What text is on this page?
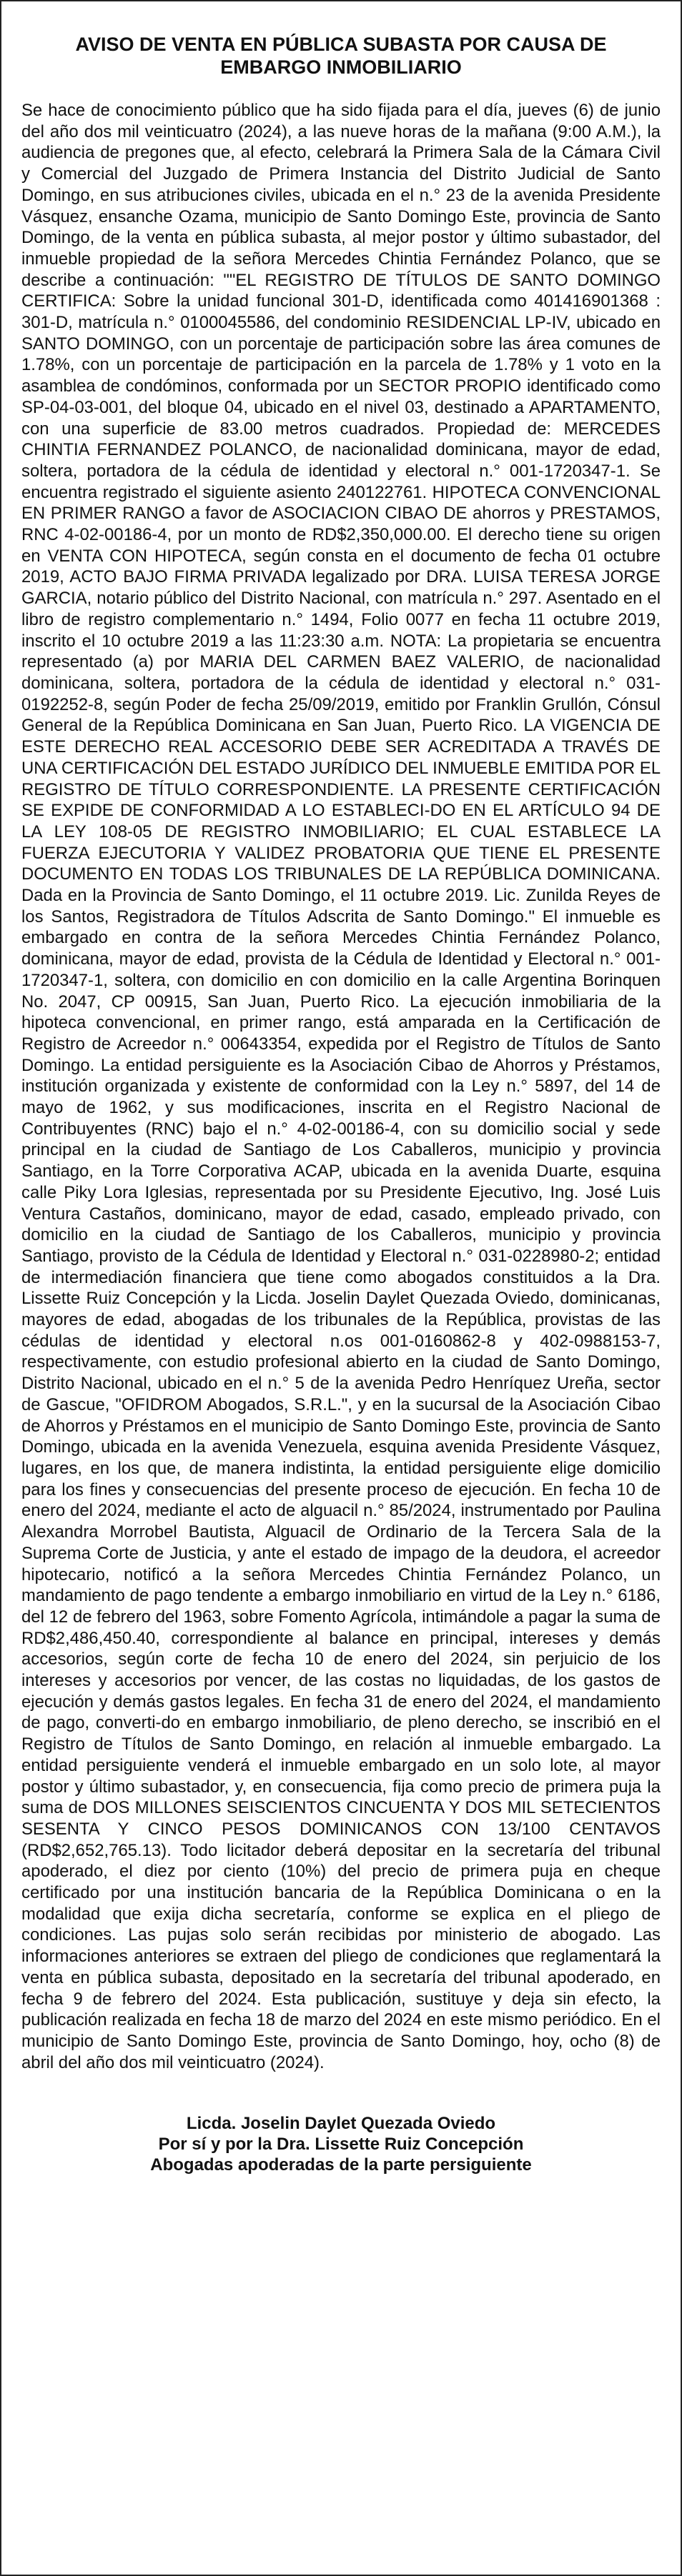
AVISO DE VENTA EN PÚBLICA SUBASTA POR CAUSA DE
EMBARGO INMOBILIARIO

Se hace de conocimiento público que ha sido fijada para el día, jueves (6) de junio del año dos mil veinticuatro (2024), a las nueve horas de la mañana (9:00 A.M.), la audiencia de pregones que, al efecto, celebrará la Primera Sala de la Cámara Civil y Comercial del Juzgado de Primera Instancia del Distrito Judicial de Santo Domingo, en sus atribuciones civiles, ubicada en el n.° 23 de la avenida Presidente Vásquez, ensanche Ozama, municipio de Santo Domingo Este, provincia de Santo Domingo, de la venta en pública subasta, al mejor postor y último subastador, del inmueble propiedad de la señora Mercedes Chintia Fernández Polanco, que se describe a continuación: ""EL REGISTRO DE TÍTULOS DE SANTO DOMINGO CERTIFICA: Sobre la unidad funcional 301-D, identificada como 401416901368 : 301-D, matrícula n.° 0100045586, del condominio RESIDENCIAL LP-IV, ubicado en SANTO DOMINGO, con un porcentaje de participación sobre las área comunes de 1.78%, con un porcentaje de participación en la parcela de 1.78% y 1 voto en la asamblea de condóminos, conformada por un SECTOR PROPIO identificado como SP-04-03-001, del bloque 04, ubicado en el nivel 03, destinado a APARTAMENTO, con una superficie de 83.00 metros cuadrados. Propiedad de: MERCEDES CHINTIA FERNANDEZ POLANCO, de nacionalidad dominicana, mayor de edad, soltera, portadora de la cédula de identidad y electoral n.° 001-1720347-1. Se encuentra registrado el siguiente asiento 240122761. HIPOTECA CONVENCIONAL EN PRIMER RANGO a favor de ASOCIACION CIBAO DE ahorros y PRESTAMOS, RNC 4-02-00186-4, por un monto de RD$2,350,000.00. El derecho tiene su origen en VENTA CON HIPOTECA, según consta en el documento de fecha 01 octubre 2019, ACTO BAJO FIRMA PRIVADA legalizado por DRA. LUISA TERESA JORGE GARCIA, notario público del Distrito Nacional, con matrícula n.° 297. Asentado en el libro de registro complementario n.° 1494, Folio 0077 en fecha 11 octubre 2019, inscrito el 10 octubre 2019 a las 11:23:30 a.m. NOTA: La propietaria se encuentra representado (a) por MARIA DEL CARMEN BAEZ VALERIO, de nacionalidad dominicana, soltera, portadora de la cédula de identidad y electoral n.° 031-0192252-8, según Poder de fecha 25/09/2019, emitido por Franklin Grullón, Cónsul General de la República Dominicana en San Juan, Puerto Rico. LA VIGENCIA DE ESTE DERECHO REAL ACCESORIO DEBE SER ACREDITADA A TRAVÉS DE UNA CERTIFICACIÓN DEL ESTADO JURÍDICO DEL INMUEBLE EMITIDA POR EL REGISTRO DE TÍTULO CORRESPONDIENTE. LA PRESENTE CERTIFICACIÓN SE EXPIDE DE CONFORMIDAD A LO ESTABLECI-DO EN EL ARTÍCULO 94 DE LA LEY 108-05 DE REGISTRO INMOBILIARIO; EL CUAL ESTABLECE LA FUERZA EJECUTORIA Y VALIDEZ PROBATORIA QUE TIENE EL PRESENTE DOCUMENTO EN TODAS LOS TRIBUNALES DE LA REPÚBLICA DOMINICANA. Dada en la Provincia de Santo Domingo, el 11 octubre 2019. Lic. Zunilda Reyes de los Santos, Registradora de Títulos Adscrita de Santo Domingo." El inmueble es embargado en contra de la señora Mercedes Chintia Fernández Polanco, dominicana, mayor de edad, provista de la Cédula de Identidad y Electoral n.° 001-1720347-1, soltera, con domicilio en con domicilio en la calle Argentina Borinquen No. 2047, CP 00915, San Juan, Puerto Rico. La ejecución inmobiliaria de la hipoteca convencional, en primer rango, está amparada en la Certificación de Registro de Acreedor n.° 00643354, expedida por el Registro de Títulos de Santo Domingo. La entidad persiguiente es la Asociación Cibao de Ahorros y Préstamos, institución organizada y existente de conformidad con la Ley n.° 5897, del 14 de mayo de 1962, y sus modificaciones, inscrita en el Registro Nacional de Contribuyentes (RNC) bajo el n.° 4-02-00186-4, con su domicilio social y sede principal en la ciudad de Santiago de Los Caballeros, municipio y provincia Santiago, en la Torre Corporativa ACAP, ubicada en la avenida Duarte, esquina calle Piky Lora Iglesias, representada por su Presidente Ejecutivo, Ing. José Luis Ventura Castaños, dominicano, mayor de edad, casado, empleado privado, con domicilio en la ciudad de Santiago de los Caballeros, municipio y provincia Santiago, provisto de la Cédula de Identidad y Electoral n.° 031-0228980-2; entidad de intermediación financiera que tiene como abogados constituidos a la Dra. Lissette Ruiz Concepción y la Licda. Joselin Daylet Quezada Oviedo, dominicanas, mayores de edad, abogadas de los tribunales de la República, provistas de las cédulas de identidad y electoral n.os 001-0160862-8 y 402-0988153-7, respectivamente, con estudio profesional abierto en la ciudad de Santo Domingo, Distrito Nacional, ubicado en el n.° 5 de la avenida Pedro Henríquez Ureña, sector de Gascue, "OFIDROM Abogados, S.R.L.", y en la sucursal de la Asociación Cibao de Ahorros y Préstamos en el municipio de Santo Domingo Este, provincia de Santo Domingo, ubicada en la avenida Venezuela, esquina avenida Presidente Vásquez, lugares, en los que, de manera indistinta, la entidad persiguiente elige domicilio para los fines y consecuencias del presente proceso de ejecución. En fecha 10 de enero del 2024, mediante el acto de alguacil n.° 85/2024, instrumentado por Paulina Alexandra Morrobel Bautista, Alguacil de Ordinario de la Tercera Sala de la Suprema Corte de Justicia, y ante el estado de impago de la deudora, el acreedor hipotecario, notificó a la señora Mercedes Chintia Fernández Polanco, un mandamiento de pago tendente a embargo inmobiliario en virtud de la Ley n.° 6186, del 12 de febrero del 1963, sobre Fomento Agrícola, intimándole a pagar la suma de RD$2,486,450.40, correspondiente al balance en principal, intereses y demás accesorios, según corte de fecha 10 de enero del 2024, sin perjuicio de los intereses y accesorios por vencer, de las costas no liquidadas, de los gastos de ejecución y demás gastos legales. En fecha 31 de enero del 2024, el mandamiento de pago, converti-do en embargo inmobiliario, de pleno derecho, se inscribió en el Registro de Títulos de Santo Domingo, en relación al inmueble embargado. La entidad persiguiente venderá el inmueble embargado en un solo lote, al mayor postor y último subastador, y, en consecuencia, fija como precio de primera puja la suma de DOS MILLONES SEISCIENTOS CINCUENTA Y DOS MIL SETECIENTOS SESENTA Y CINCO PESOS DOMINICANOS CON 13/100 CENTAVOS (RD$2,652,765.13). Todo licitador deberá depositar en la secretaría del tribunal apoderado, el diez por ciento (10%) del precio de primera puja en cheque certificado por una institución bancaria de la República Dominicana o en la modalidad que exija dicha secretaría, conforme se explica en el pliego de condiciones. Las pujas solo serán recibidas por ministerio de abogado. Las informaciones anteriores se extraen del pliego de condiciones que reglamentará la venta en pública subasta, depositado en la secretaría del tribunal apoderado, en fecha 9 de febrero del 2024. Esta publicación, sustituye y deja sin efecto, la publicación realizada en fecha 18 de marzo del 2024 en este mismo periódico. En el municipio de Santo Domingo Este, provincia de Santo Domingo, hoy, ocho (8) de abril del año dos mil veinticuatro (2024).

Licda. Joselin Daylet Quezada Oviedo
Por sí y por la Dra. Lissette Ruiz Concepción
Abogadas apoderadas de la parte persiguiente
